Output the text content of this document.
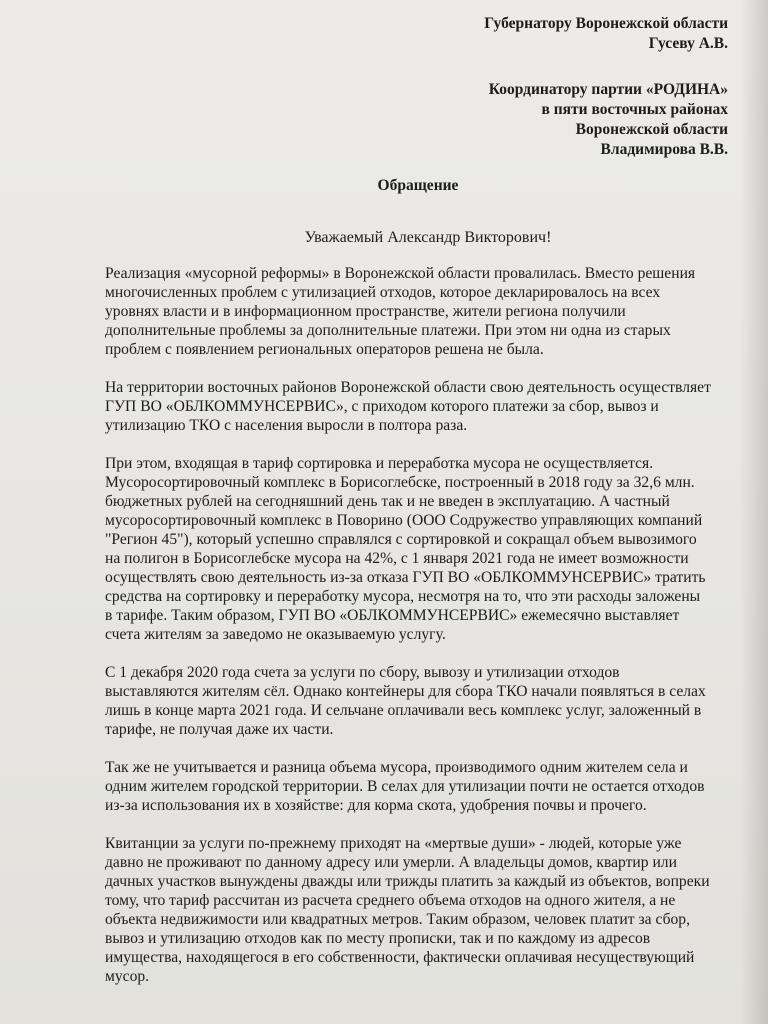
Губернатору Воронежской области
Гусеву А.В.
Координатору партии «РОДИНА»
в пяти восточных районах
Воронежской области
Владимирова В.В.
Обращение
Уважаемый Александр Викторович!

Реализация «мусорной реформы» в Воронежской области провалилась. Вместо решения
многочисленных проблем с утилизацией отходов, которое декларировалось на всех
уровнях власти и в информационном пространстве, жители региона получили
дополнительные проблемы за дополнительные платежи. При этом ни одна из старых
проблем с появлением региональных операторов решена не была.

На территории восточных районов Воронежской области свою деятельность осуществляет
ГУП ВО «ОБЛКОММУНСЕРВИС», с приходом которого платежи за сбор, вывоз и
утилизацию ТКО с населения выросли в полтора раза.

При этом, входящая в тариф сортировка и переработка мусора не осуществляется.
Мусоросортировочный комплекс в Борисоглебске, построенный в 2018 году за 32,6 млн.
бюджетных рублей на сегодняшний день так и не введен в эксплуатацию. А частный
мусоросортировочный комплекс в Поворино (ООО Содружество управляющих компаний
"Регион 45"), который успешно справлялся с сортировкой и сокращал объем вывозимого
на полигон в Борисоглебске мусора на 42%, с 1 января 2021 года не имеет возможности
осуществлять свою деятельность из-за отказа ГУП ВО «ОБЛКОММУНСЕРВИС» тратить
средства на сортировку и переработку мусора, несмотря на то, что эти расходы заложены
в тарифе. Таким образом, ГУП ВО «ОБЛКОММУНСЕРВИС» ежемесячно выставляет
счета жителям за заведомо не оказываемую услугу.

С 1 декабря 2020 года счета за услуги по сбору, вывозу и утилизации отходов
выставляются жителям сёл. Однако контейнеры для сбора ТКО начали появляться в селах
лишь в конце марта 2021 года. И сельчане оплачивали весь комплекс услуг, заложенный в
тарифе, не получая даже их части.

Так же не учитывается и разница объема мусора, производимого одним жителем села и
одним жителем городской территории. В селах для утилизации почти не остается отходов
из-за использования их в хозяйстве: для корма скота, удобрения почвы и прочего.

Квитанции за услуги по-прежнему приходят на «мертвые души» - людей, которые уже
давно не проживают по данному адресу или умерли. А владельцы домов, квартир или
дачных участков вынуждены дважды или трижды платить за каждый из объектов, вопреки
тому, что тариф рассчитан из расчета среднего объема отходов на одного жителя, а не
объекта недвижимости или квадратных метров. Таким образом, человек платит за сбор,
вывоз и утилизацию отходов как по месту прописки, так и по каждому из адресов
имущества, находящегося в его собственности, фактически оплачивая несуществующий
мусор.
